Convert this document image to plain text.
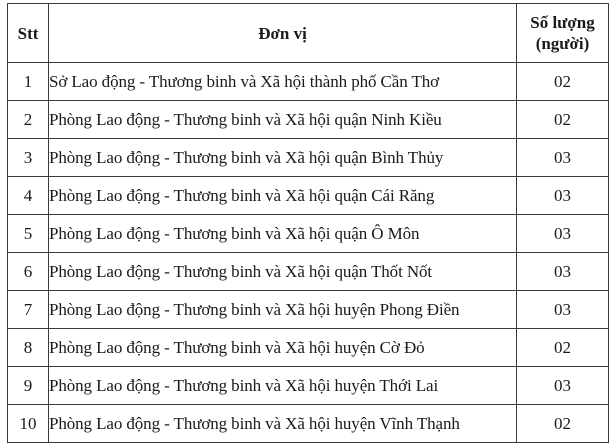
Stt	Đơn vị	Số lượng
(người)
1	Sở Lao động - Thương binh và Xã hội thành phố Cần Thơ	02
2	Phòng Lao động - Thương binh và Xã hội quận Ninh Kiều	02
3	Phòng Lao động - Thương binh và Xã hội quận Bình Thủy	03
4	Phòng Lao động - Thương binh và Xã hội quận Cái Răng	03
5	Phòng Lao động - Thương binh và Xã hội quận Ô Môn	03
6	Phòng Lao động - Thương binh và Xã hội quận Thốt Nốt	03
7	Phòng Lao động - Thương binh và Xã hội huyện Phong Điền	03
8	Phòng Lao động - Thương binh và Xã hội huyện Cờ Đỏ	02
9	Phòng Lao động - Thương binh và Xã hội huyện Thới Lai	03
10	Phòng Lao động - Thương binh và Xã hội huyện Vĩnh Thạnh	02
